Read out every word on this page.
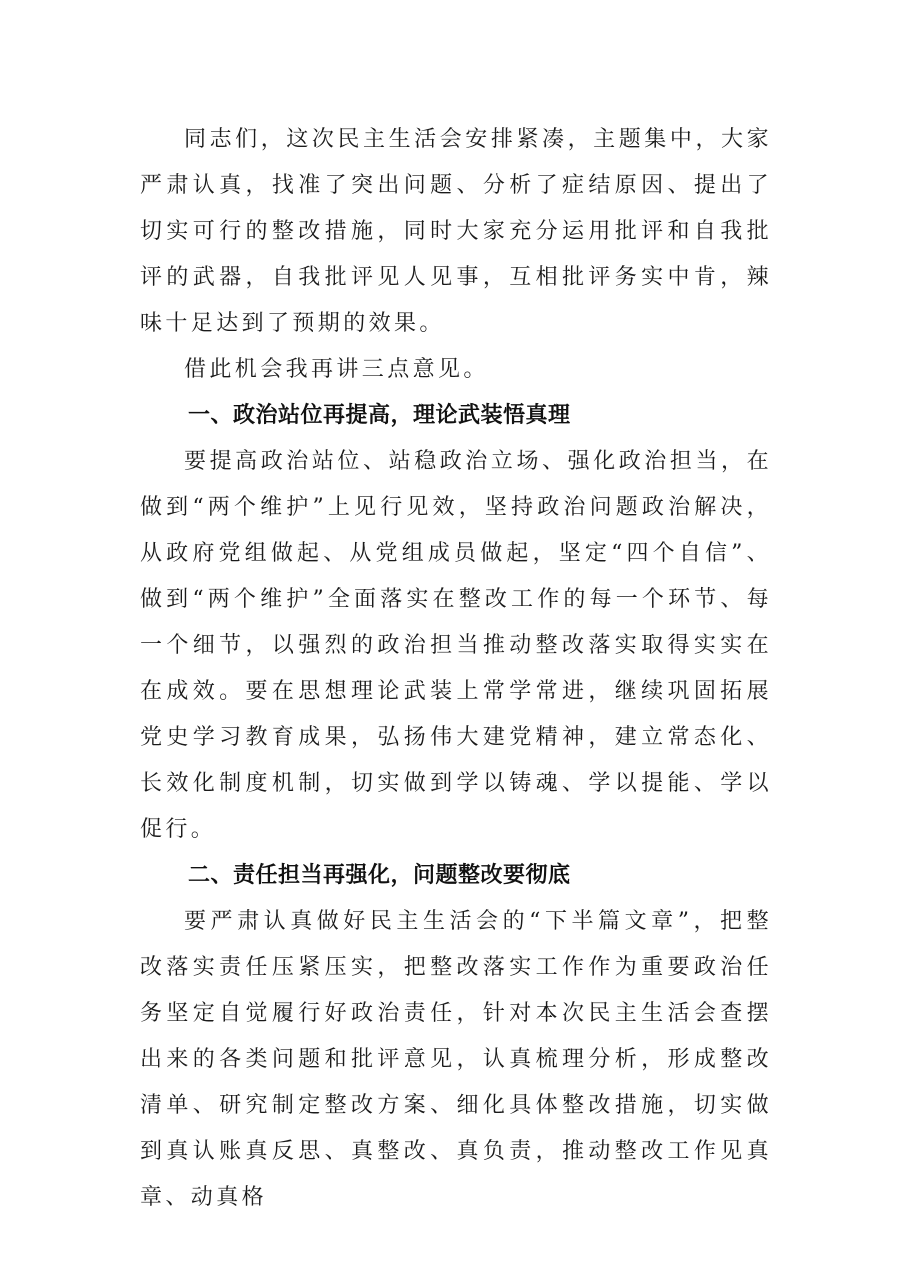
同志们，这次民主生活会安排紧凑，主题集中，大家严肃认真，找准了突出问题、分析了症结原因、提出了切实可行的整改措施，同时大家充分运用批评和自我批评的武器，自我批评见人见事，互相批评务实中肯，辣味十足达到了预期的效果。

借此机会我再讲三点意见。

一、政治站位再提高，理论武装悟真理

要提高政治站位、站稳政治立场、强化政治担当，在做到“两个维护”上见行见效，坚持政治问题政治解决，从政府党组做起、从党组成员做起，坚定“四个自信”、做到“两个维护”全面落实在整改工作的每一个环节、每一个细节，以强烈的政治担当推动整改落实取得实实在在成效。要在思想理论武装上常学常进，继续巩固拓展党史学习教育成果，弘扬伟大建党精神，建立常态化、长效化制度机制，切实做到学以铸魂、学以提能、学以促行。

二、责任担当再强化，问题整改要彻底

要严肃认真做好民主生活会的“下半篇文章”，把整改落实责任压紧压实，把整改落实工作作为重要政治任务坚定自觉履行好政治责任，针对本次民主生活会查摆出来的各类问题和批评意见，认真梳理分析，形成整改清单、研究制定整改方案、细化具体整改措施，切实做到真认账真反思、真整改、真负责，推动整改工作见真章、动真格
